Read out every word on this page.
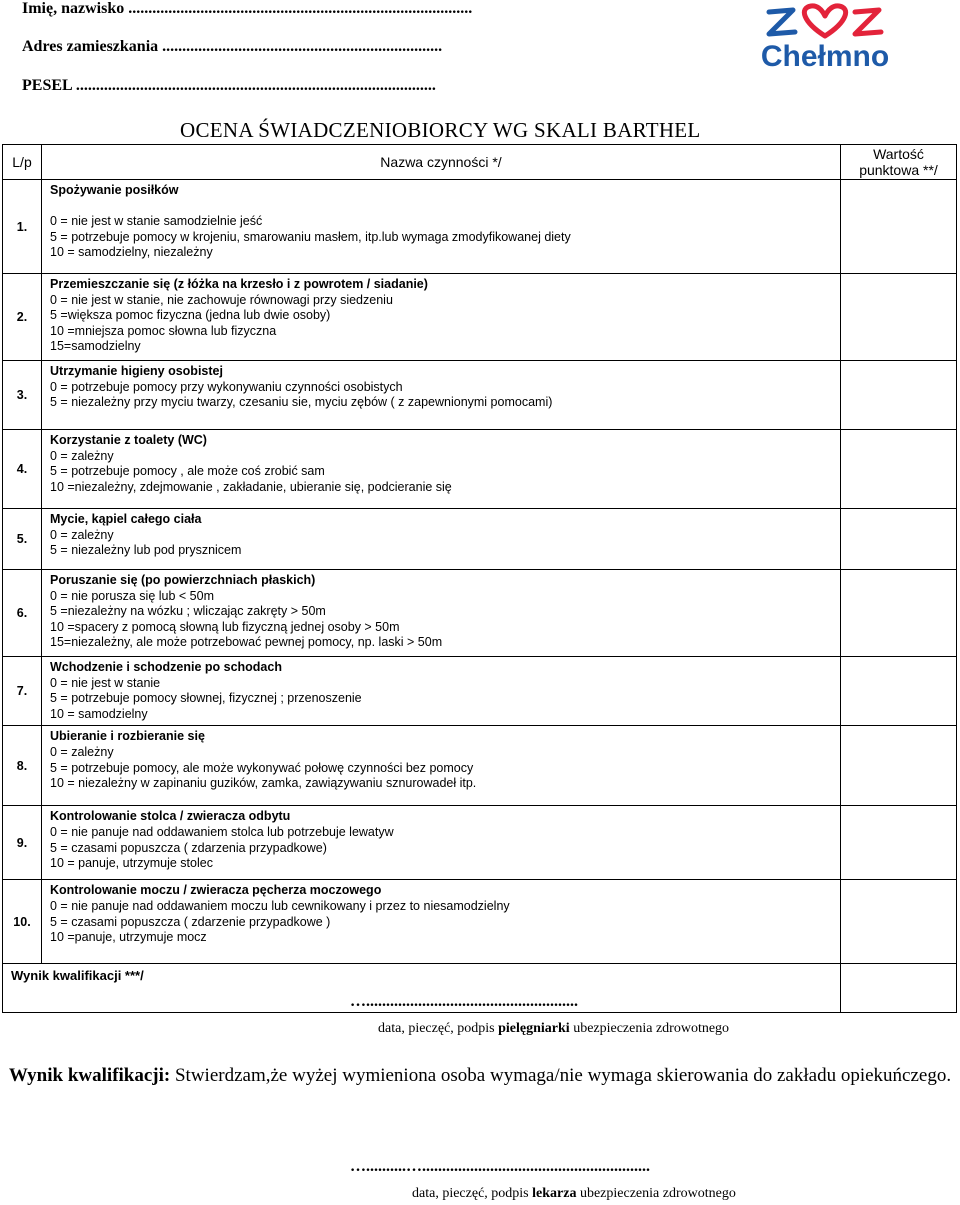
Imię, nazwisko ......................................................................................
Adres zamieszkania ......................................................................
PESEL ..........................................................................................
Chełmno
OCENA ŚWIADCZENIOBIORCY WG SKALI BARTHEL
L/p	Nazwa czynności */	Wartość
punktowa **/
1.	Spożywanie posiłków

0 = nie jest w stanie samodzielnie jeść
5 = potrzebuje pomocy w krojeniu, smarowaniu masłem, itp.lub wymaga zmodyfikowanej diety
10 = samodzielny, niezależny	

2.	Przemieszczanie się (z łóżka na krzesło i z powrotem / siadanie)
0 = nie jest w stanie, nie zachowuje równowagi przy siedzeniu
5 =większa pomoc fizyczna (jedna lub dwie osoby)
10 =mniejsza pomoc słowna lub fizyczna
15=samodzielny	

3.	Utrzymanie higieny osobistej
0 = potrzebuje pomocy przy wykonywaniu czynności osobistych
5 = niezależny przy myciu twarzy, czesaniu sie, myciu zębów ( z zapewnionymi pomocami)	

4.	Korzystanie z toalety (WC)
0 = zależny
5 = potrzebuje pomocy , ale może coś zrobić sam
10 =niezależny, zdejmowanie , zakładanie, ubieranie się, podcieranie się	

5.	Mycie, kąpiel całego ciała
0 = zależny
5 = niezależny lub pod prysznicem	

6.	Poruszanie się (po powierzchniach płaskich)
0 = nie porusza się lub < 50m
5 =niezależny na wózku ; wliczając zakręty > 50m
10 =spacery z pomocą słowną lub fizyczną jednej osoby > 50m
15=niezależny, ale może potrzebować pewnej pomocy, np. laski > 50m	

7.	Wchodzenie i schodzenie po schodach
0 = nie jest w stanie
5 = potrzebuje pomocy słownej, fizycznej ; przenoszenie
10 = samodzielny	

8.	Ubieranie i rozbieranie się
0 = zależny
5 = potrzebuje pomocy, ale może wykonywać połowę czynności bez pomocy
10 = niezależny w zapinaniu guzików, zamka, zawiązywaniu sznurowadeł itp.	

9.	Kontrolowanie stolca / zwieracza odbytu
0 = nie panuje nad oddawaniem stolca lub potrzebuje lewatyw
5 = czasami popuszcza ( zdarzenia przypadkowe)
10 = panuje, utrzymuje stolec	

10.	Kontrolowanie moczu / zwieracza pęcherza moczowego
0 = nie panuje nad oddawaniem moczu lub cewnikowany i przez to niesamodzielny
5 = czasami popuszcza ( zdarzenie przypadkowe )
10 =panuje, utrzymuje mocz	

Wynik kwalifikacji ***/		
….....................................................
data, pieczęć, podpis pielęgniarki ubezpieczenia zdrowotnego
Wynik kwalifikacji: Stwierdzam,że wyżej wymieniona osoba wymaga/nie wymaga skierowania do zakładu opiekuńczego.
…..........….........................................................
data, pieczęć, podpis lekarza ubezpieczenia zdrowotnego
